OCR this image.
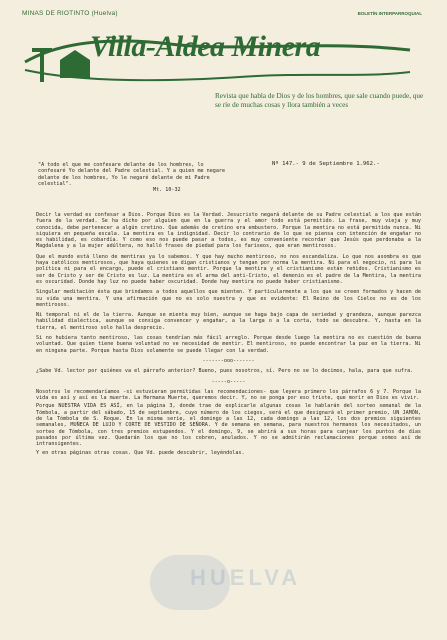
MINAS DE RIOTINTO (Huelva)	BOLETÍN INTERPARROQUIAL
Villa-Aldea Minera
Revista que habla de Dios y de los hombres, que sale cuando puede, que se ríe de muchas cosas y llora también a veces
"A todo el que me confesare delante de los hombres, lo confesaré Yo delante del Padre celestial. Y a quien me negare delante de los hombres, Yo le negaré delante de mi Padre celestial".
Mt. 10-32
Nº 147.- 9 de Septiembre 1.962.-

Decir la verdad es confesar a Dios. Porque Dios es la Verdad. Jesucristo negará delante de su Padre celestial a los que están fuera de la verdad. Se ha dicho por alguien que en la guerra y el amor todo está permitido. La frase, muy vieja y muy conocida, debe pertenecer a algún cretino. Que además de cretino era embustero. Porque la mentira no está permitida nunca. Ni siquiera en pequeña escala. La mentira es la indignidad. Decir lo contrario de lo que se piensa con intención de engañar no es habilidad, es cobardía. Y como eso nos puede pasar a todos, es muy conveniente recordar que Jesús que perdonaba a la Magdalena y a la mujer adúltera, no halló frases de piedad para los fariseos, que eran mentirosos.

Que el mundo está lleno de mentiras ya lo sabemos. Y que hay mucho mentiroso, no nos escandaliza. Lo que nos asombra es que haya católicos mentirosos, que haya quienes se digan cristianos y tengan por norma la mentira. Ni para el negocio, ni para la política ni para el encargo, puede el cristiano mentir. Porque la mentira y el cristianismo están reñidos. Cristianismo es ser de Cristo y ser de Cristo es luz. La mentira es el arma del anti-Cristo, el demonio es el padre de la Mentira, la mentira es oscuridad. Donde hay luz no puede haber oscuridad. Donde hay mentira no puede haber cristianismo.

Singular meditación ésta que brindamos a todos aquellos que mienten. Y particularmente a los que se creen formados y hacen de su vida una mentira. Y una afirmación que no es solo nuestra y que es evidente: El Reino de los Cielos no es de los mentirosos.

Ni temporal ni el de la tierra. Aunque se mienta muy bien, aunque se haga bajo capa de seriedad y grandeza, aunque parezca habilidad dialéctica, aunque se consiga convencer y engañar, a la larga o a la corta, todo se descubre. Y, hasta en la tierra, el mentiroso solo halla desprecio.

Si no hubiera tanto mentiroso, las cosas tendrían más fácil arreglo. Porque desde luego la mentira no es cuestión de buena voluntad. Que quien tiene buena voluntad no ve necesidad de mentir. El mentiroso, no puede encontrar la paz en la tierra. Ni en ninguna parte. Porque hasta Dios solamente se puede llegar con la verdad.

-------ooo-------

¿Sabe Vd. lector por quiénes va el párrafo anterior? Bueno, pues nosotros, sí. Pero no se lo decimos, hala, para que sufra.

-----o-----
Nosotros le recomendaríamos -si estuvieran permitidas las recomendaciones- que leyera primero los párrafos 6 y 7. Porque la vida es así y así es la muerte. La Hermana Muerte, queremos decir. Y, no se ponga por eso triste, que morir en Dios es vivir.
Porque NUESTRA VIDA ES ASÍ, en la página 3, donde trae de explicarle algunas cosas le hablarán del sorteo semanal de la Tómbola, a partir del sábado, 15 de septiembre, cuyo número de los ciegos, será el que designará el primer premio, UN JAMÓN, de la Tómbola de S. Roque. En la misma serie, el domingo a las 12, cada domingo a las 12, los dos premios siguientes semanales, MUÑECA DE LUJO Y CORTE DE VESTIDO DE SEÑORA. Y de semana en semana, para nuestros hermanos los necesitados, un sorteo de Tómbola, con tres premios estupendos. Y el domingo, 9, se abrirá a sus horas para canjear los puntos de días pasados por última vez. Quedarán los que no los cobren, anulados. Y no se admitirán reclamaciones porque somos así de intransigentes.
Y en otras páginas otras cosas. Que Vd. puede descubrir, leyéndolas.
HUELVA
